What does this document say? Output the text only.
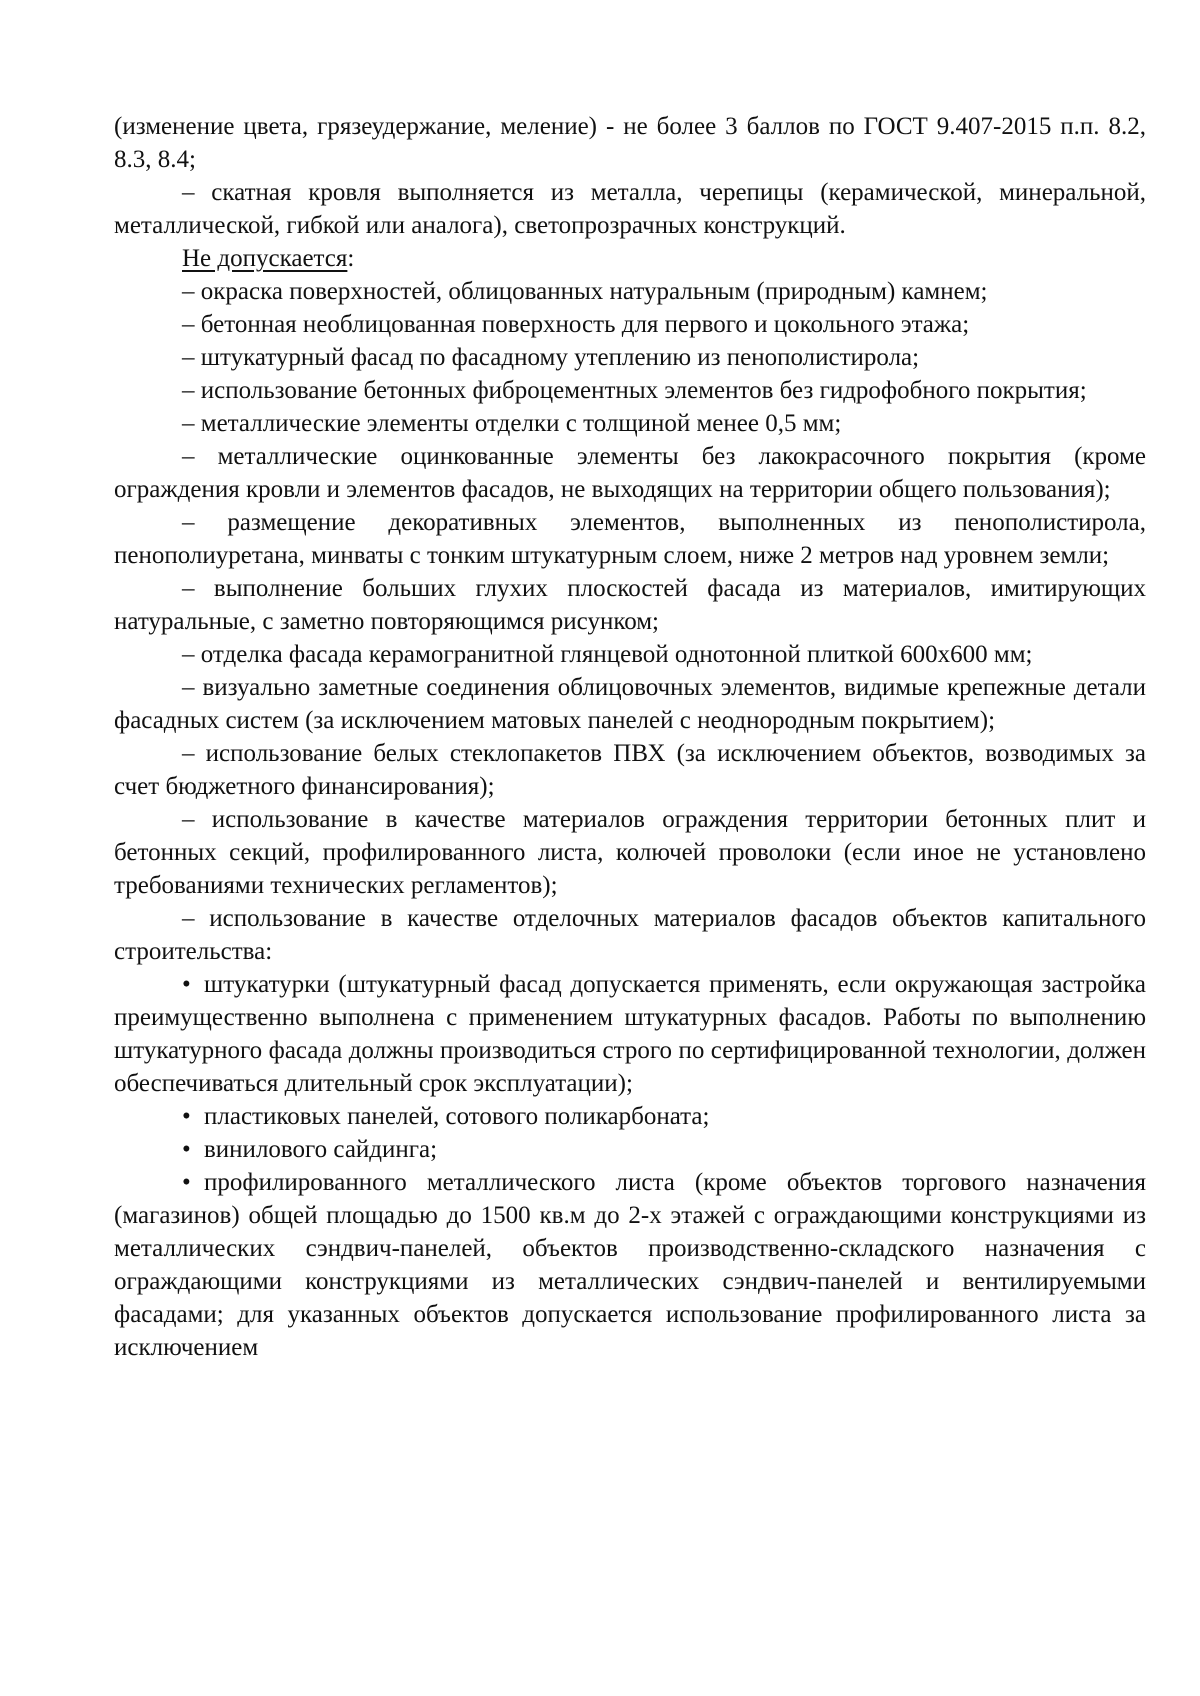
(изменение цвета, грязеудержание, меление) - не более 3 баллов по ГОСТ 9.407-2015 п.п. 8.2, 8.3, 8.4;

– скатная кровля выполняется из металла, черепицы (керамической, минеральной, металлической, гибкой или аналога), светопрозрачных конструкций.

Не допускается:

– окраска поверхностей, облицованных натуральным (природным) камнем;

– бетонная необлицованная поверхность для первого и цокольного этажа;

– штукатурный фасад по фасадному утеплению из пенополистирола;

– использование бетонных фиброцементных элементов без гидрофобного покрытия;

– металлические элементы отделки с толщиной менее 0,5 мм;

– металлические оцинкованные элементы без лакокрасочного покрытия (кроме ограждения кровли и элементов фасадов, не выходящих на территории общего пользования);

– размещение декоративных элементов, выполненных из пенополистирола, пенополиуретана, минваты с тонким штукатурным слоем, ниже 2 метров над уровнем земли;

– выполнение больших глухих плоскостей фасада из материалов, имитирующих натуральные, с заметно повторяющимся рисунком;

– отделка фасада керамогранитной глянцевой однотонной плиткой 600х600 мм;

– визуально заметные соединения облицовочных элементов, видимые крепежные детали фасадных систем (за исключением матовых панелей с неоднородным покрытием);

– использование белых стеклопакетов ПВХ (за исключением объектов, возводимых за счет бюджетного финансирования);

– использование в качестве материалов ограждения территории бетонных плит и бетонных секций, профилированного листа, колючей проволоки (если иное не установлено требованиями технических регламентов);

– использование в качестве отделочных материалов фасадов объектов капитального строительства:

• штукатурки (штукатурный фасад допускается применять, если окружающая застройка преимущественно выполнена с применением штукатурных фасадов. Работы по выполнению штукатурного фасада должны производиться строго по сертифицированной технологии, должен обеспечиваться длительный срок эксплуатации);

• пластиковых панелей, сотового поликарбоната;

• винилового сайдинга;

• профилированного металлического листа (кроме объектов торгового назначения (магазинов) общей площадью до 1500 кв.м до 2-х этажей с ограждающими конструкциями из металлических сэндвич-панелей, объектов производственно-складского назначения с ограждающими конструкциями из металлических сэндвич-панелей и вентилируемыми фасадами; для указанных объектов допускается использование профилированного листа за исключением
